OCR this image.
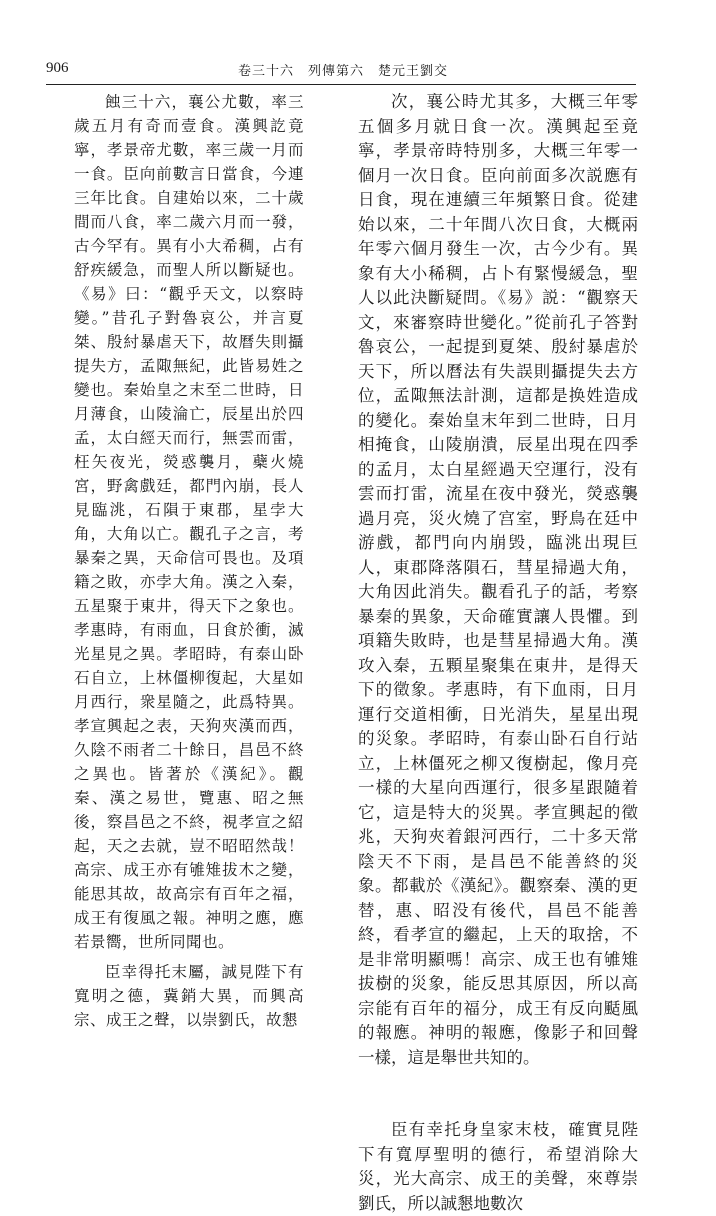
906	卷三十六　列傳第六　楚元王劉交

蝕三十六，襄公尤數，率三歲五月有奇而壹食。漢興訖竟寧，孝景帝尤數，率三歲一月而一食。臣向前數言日當食，今連三年比食。自建始以來，二十歲間而八食，率二歲六月而一發，古今罕有。異有小大希稠，占有舒疾緩急，而聖人所以斷疑也。《易》曰：“觀乎天文，以察時變。”昔孔子對魯哀公，并言夏桀、殷紂暴虐天下，故曆失則攝提失方，孟陬無紀，此皆易姓之變也。秦始皇之末至二世時，日月薄食，山陵淪亡，辰星出於四孟，太白經天而行，無雲而雷，枉矢夜光，熒惑襲月，蘗火燒宮，野禽戲廷，都門內崩，長人見臨洮，石隕于東郡，星孛大角，大角以亡。觀孔子之言，考暴秦之異，天命信可畏也。及項籍之敗，亦孛大角。漢之入秦，五星聚于東井，得天下之象也。孝惠時，有雨血，日食於衝，滅光星見之異。孝昭時，有泰山卧石自立，上林僵柳復起，大星如月西行，衆星隨之，此爲特異。孝宣興起之表，天狗夾漢而西，久陰不雨者二十餘日，昌邑不終之異也。皆著於《漢紀》。觀秦、漢之易世，覽惠、昭之無後，察昌邑之不終，視孝宣之紹起，天之去就，豈不昭昭然哉！高宗、成王亦有雊雉拔木之變，能思其故，故高宗有百年之福，成王有復風之報。神明之應，應若景嚮，世所同聞也。

臣幸得托末屬，誠見陛下有寬明之德，冀銷大異，而興高宗、成王之聲，以崇劉氏，故懇

次，襄公時尤其多，大概三年零五個多月就日食一次。漢興起至竟寧，孝景帝時特別多，大概三年零一個月一次日食。臣向前面多次説應有日食，現在連續三年頻繁日食。從建始以來，二十年間八次日食，大概兩年零六個月發生一次，古今少有。異象有大小稀稠，占卜有緊慢緩急，聖人以此決斷疑問。《易》説：“觀察天文，來審察時世變化。”從前孔子答對魯哀公，一起提到夏桀、殷紂暴虐於天下，所以曆法有失誤則攝提失去方位，孟陬無法計測，這都是换姓造成的變化。秦始皇末年到二世時，日月相掩食，山陵崩潰，辰星出現在四季的孟月，太白星經過天空運行，没有雲而打雷，流星在夜中發光，熒惑襲過月亮，災火燒了宫室，野鳥在廷中游戲，都門向内崩毁，臨洮出現巨人，東郡降落隕石，彗星掃過大角，大角因此消失。觀看孔子的話，考察暴秦的異象，天命確實讓人畏懼。到項籍失敗時，也是彗星掃過大角。漢攻入秦，五顆星聚集在東井，是得天下的徵象。孝惠時，有下血雨，日月運行交道相衝，日光消失，星星出現的災象。孝昭時，有泰山卧石自行站立，上林僵死之柳又復樹起，像月亮一樣的大星向西運行，很多星跟隨着它，這是特大的災異。孝宣興起的徵兆，天狗夾着銀河西行，二十多天常陰天不下雨，是昌邑不能善終的災象。都載於《漢紀》。觀察秦、漢的更替，惠、昭没有後代，昌邑不能善終，看孝宣的繼起，上天的取捨，不是非常明顯嗎！高宗、成王也有雊雉拔樹的災象，能反思其原因，所以高宗能有百年的福分，成王有反向颳風的報應。神明的報應，像影子和回聲一樣，這是舉世共知的。

臣有幸托身皇家末枝，確實見陛下有寬厚聖明的德行，希望消除大災，光大高宗、成王的美聲，來尊崇劉氏，所以誠懇地數次
